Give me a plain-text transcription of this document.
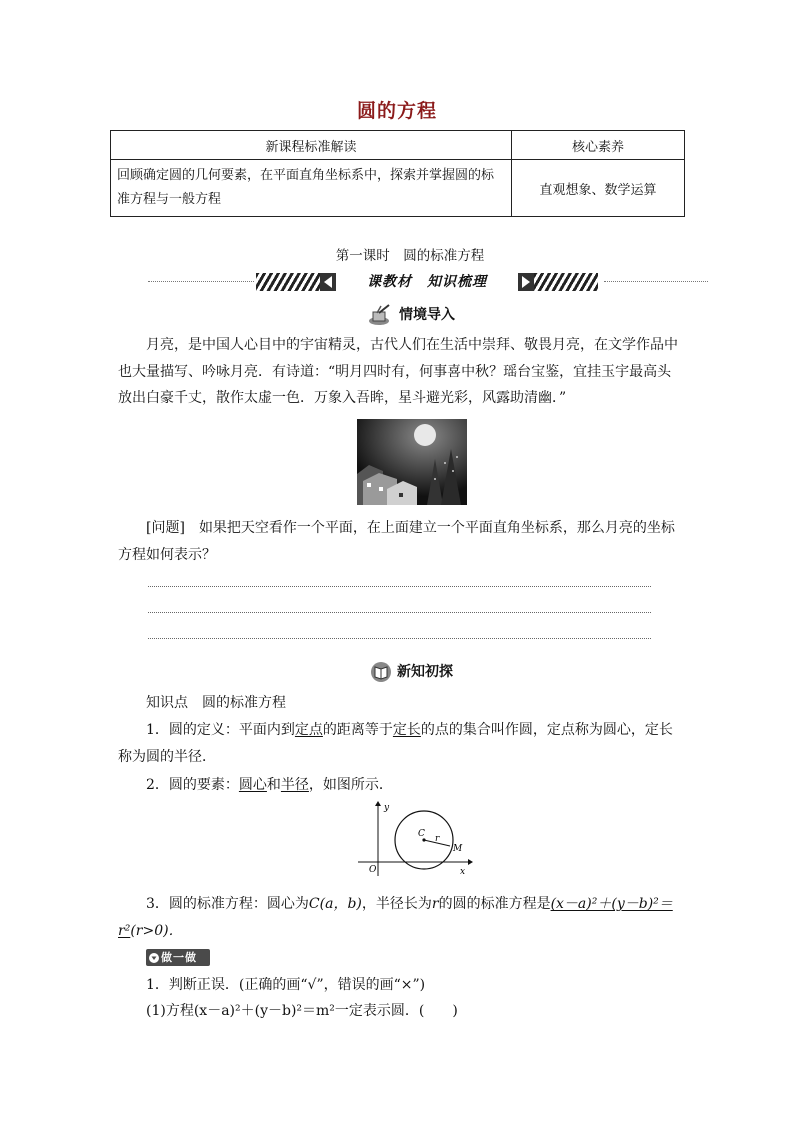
圆的方程
新课程标准解读	核心素养
回顾确定圆的几何要素，在平面直角坐标系中，探索并掌握圆的标准方程与一般方程	直观想象、数学运算
第一课时　圆的标准方程
课教材　知识梳理
情境导入

月亮，是中国人心目中的宇宙精灵，古代人们在生活中崇拜、敬畏月亮，在文学作品中也大量描写、吟咏月亮．有诗道：“明月四时有，何事喜中秋？瑶台宝鉴，宜挂玉宇最高头放出白豪千丈，散作太虚一色．万象入吾眸，星斗避光彩，风露助清幽．”

[问题]　 如果把天空看作一个平面，在上面建立一个平面直角坐标系，那么月亮的坐标方程如何表示？

新知初探

知识点　圆的标准方程

1．圆的定义：平面内到定点的距离等于定长的点的集合叫作圆，定点称为圆心，定长称为圆的半径．

2．圆的要素：圆心和半径，如图所示．

y
x
O
C r
M

3．圆的标准方程：圆心为C(a，b)，半径长为r的圆的标准方程是(x－a)²＋(y－b)²＝r²(r>0)．

做一做

1．判断正误．(正确的画“√”，错误的画“×”)

(1)方程(x－a)²＋(y－b)²＝m²一定表示圆．(　　)
